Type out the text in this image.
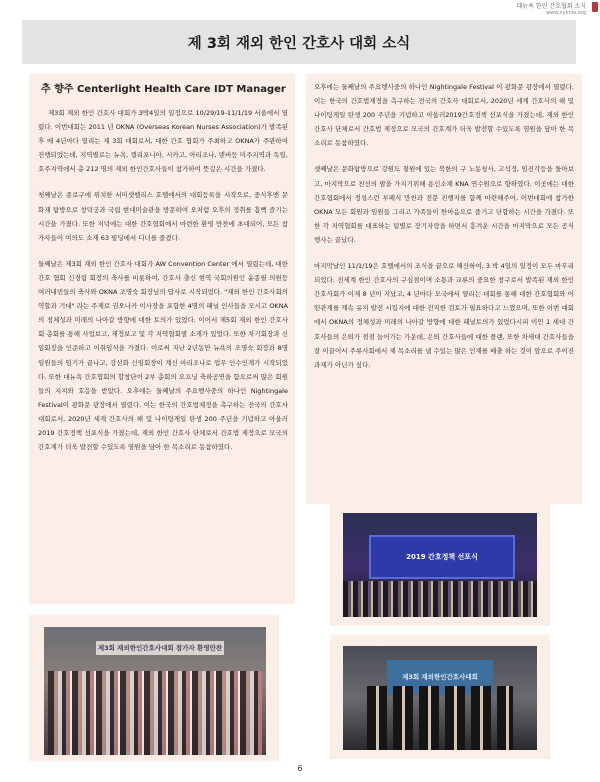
대뉴욕 한인 간호협회 소식
www.nyknia.org
제 3회 재외 한인 간호사 대회 소식
추 향주 Centerlight Health Care IDT Manager

제3회 재외 한인 간호사 대회가 3박4일의 일정으로 10/29/19-11/1/19 서울에서 열렸다. 이번대회는 2011 년 OKNA (Overseas Korean Nurses Association)가 발족된 후 매 4년마다 열리는 제 3회 대회로서, 대한 간호 협회가 주최하고 OKNA가 주관하여 진행되었는데, 지역별로는 뉴욕, 캘리포니아, 시카고, 아리조나, 덴버등 미주지역과 독일, 호주지역에서 총 212 명의 재외 한인간호사들이 참가하여 뜻깊은 시간을 가졌다.

첫째날은 종로구에 위치한 서머셋펠리스 호텔에서의 대회등록을 시작으로, 중식후엔 문화재 탐방으로 창덕궁과 국립 현대미술관을 방문하여 오처럼 오후의 정취를 흠뻑 즐기는 시간을 가졌다. 또한 저녁에는 대한 간호협회에서 마련한 환영 만찬에 초대되어, 모든 참가자들이 여의도 소재 63 빌딩에서 디너를 즐겼다.

둘째날은 제3회 재외 한인 간호사 대회가 AW Convention Center 에서 열렸는데, 대한 간호 협회 신경림 회장의 축사를 비롯하여, 간호사 출신 현역 국회의원인 윤종필 의원등 여러내빈들의 축사와 OKNA 조명숙 회장님의 답사로 시작되었다. "재외 한인 간호사회의 역할과 기대" 라는 주제로 권오나카 이사장을 포함한 4명의 패널 인사들을 모시고 OKNA의 정체성과 미래의 나아갈 방향에 대한 토의가 있었다. 이어서 제5회 재외 한인 간호사회 총회를 통해 사업보고, 재정보고 및 각 지역협회별 소개가 있었다. 또한 차기회장과 신임회장을 인준하고 이취임식을 가졌다. 이로써 지난 2년동안 뉴욕의 조명숙 회장과 8명 임원들의 임기가 끝나고, 강선화 신임회장이 계신 아리조나로 업무 인수인계가 시작되었다. 또한 대뉴욕 간호협회의 합창단이 2부 총회의 오프닝 축하공연을 함으로써 많은 회원들의 지지와 호응을 받았다. 오후에는 둘째날의 주요행사중의 하나인 Nightingale Festival이 광화문 광장에서 열렸다. 이는 한국의 간호법제정을 촉구하는 전국의 간호사 대회로서, 2020년 세계 간호사의 해 및 나이팅게일 탄생 200 주년을 기념하고 아울러 2019 간호정책 선포식을 가졌는데, 재외 한인 간호사 단체로서 간호법 제정으로 모국의 간호계가 더욱 발전할 수있도록 염원을 담아 한 목소리로 동참하였다.

오후에는 둘째날의 주요행사중의 하나인 Nightingale Festival 이 광화문 광장에서 열렸다. 이는 한국의 간호법제정을 촉구하는 전국의 간호사 대회로서, 2020년 세계 간호사의 해 및 나이팅게일 탄생 200 주년을 기념하고 아울러2019간호정책 선포식을 가졌는데, 재외 한인 간호사 단체로서 간호법 제정으로 모국의 간호계가 더욱 발전할 수있도록 염원을 담아 한 목소리로 동참하였다.

셋째날은 문화탐방으로 강원도 철원에 있는 북한의 구 노동청사, 고석정, 임진각등을 돌아보고, 마지막으로 친선의 밤을 가지기위해 용인소재 KNA 연수원으로 향하였다. 이곳에는 대한 간호협회에서 정성스런 부페식 만찬과 전문 진행자를 함께 마련해주어, 이번대회에 참가한 OKNA 모든 회원과 임원들 그리고 가족들이 한마음으로 즐기고 단합하는 시간을 가졌다. 또한 각 지역협회를 대표하는 팀별로 장기자랑을 하면서 흥겨운 시간을 마지막으로 모든 공식 행사는 끝났다.

마지막날인 11/1/19은 호텔에서의 조식을 끝으로 해산하여, 3 박 4일의 일정이 모두 마무리되었다. 전세계 한인 간호사의 구심점이며 소통과 교류의 중요한 창구로서 발족된 재외 한인 간호사회가 이제 8 년이 지났고, 4 년마다 모국에서 열리는 대회를 통해 대한 간호협회와 어떤관계를 계속 유지 발전 시킬지에 대한 진지한 검토가 필요하다고 느꼈으며, 또한 이번 대회에서 OKNA의 정체성과 미래의 나아갈 방향에 대한 패널토의가 있었다시피 이민 1 세대 간호사들의 은퇴가 점점 늘어가는 가운데, 은퇴 간호사들에 대한 플랜, 또한 차세대 간호사들을 잘 이끌어서 주류사회에서 제 목소리를 낼 수있는 많은 인재를 배출 하는 것이 앞으로 주어진 과제가 아닌가 싶다.

제3회 재외한인간호사대회 참가자 환영만찬
2019 간호정책 선포식
제3회 재외한인간호사대회
6
